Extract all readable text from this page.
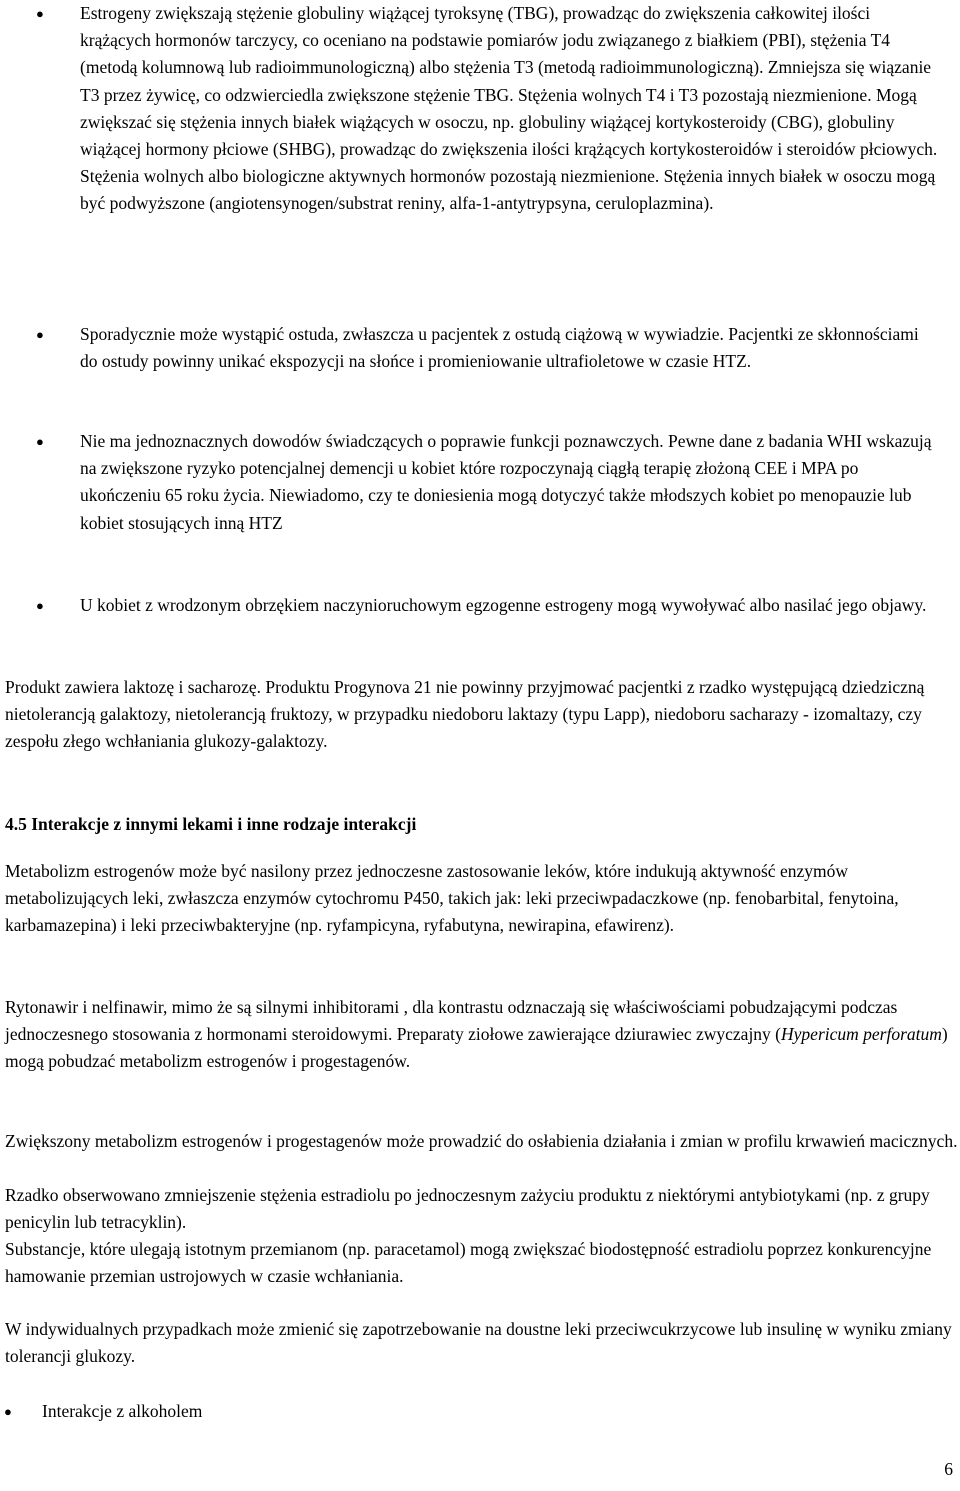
● Estrogeny zwiększają stężenie globuliny wiążącej tyroksynę (TBG), prowadząc do zwiększenia całkowitej ilości krążących hormonów tarczycy, co oceniano na podstawie pomiarów jodu związanego z białkiem (PBI), stężenia T4 (metodą kolumnową lub radioimmunologiczną) albo stężenia T3 (metodą radioimmunologiczną). Zmniejsza się wiązanie T3 przez żywicę, co odzwierciedla zwiększone stężenie TBG. Stężenia wolnych T4 i T3 pozostają niezmienione. Mogą zwiększać się stężenia innych białek wiążących w osoczu, np. globuliny wiążącej kortykosteroidy (CBG), globuliny wiążącej hormony płciowe (SHBG), prowadząc do zwiększenia ilości krążących kortykosteroidów i steroidów płciowych. Stężenia wolnych albo biologiczne aktywnych hormonów pozostają niezmienione. Stężenia innych białek w osoczu mogą być podwyższone (angiotensynogen/substrat reniny, alfa-1-antytrypsyna, ceruloplazmina).

● Sporadycznie może wystąpić ostuda, zwłaszcza u pacjentek z ostudą ciążową w wywiadzie. Pacjentki ze skłonnościami do ostudy powinny unikać ekspozycji na słońce i promieniowanie ultrafioletowe w czasie HTZ.

● Nie ma jednoznacznych dowodów świadczących o poprawie funkcji poznawczych. Pewne dane z badania WHI wskazują na zwiększone ryzyko potencjalnej demencji u kobiet które rozpoczynają ciągłą terapię złożoną CEE i MPA po ukończeniu 65 roku życia. Niewiadomo, czy te doniesienia mogą dotyczyć także młodszych kobiet po menopauzie lub kobiet stosujących inną HTZ

● U kobiet z wrodzonym obrzękiem naczynioruchowym egzogenne estrogeny mogą wywoływać albo nasilać jego objawy.

Produkt zawiera laktozę i sacharozę. Produktu Progynova 21 nie powinny przyjmować pacjentki z rzadko występującą dziedziczną nietolerancją galaktozy, nietolerancją fruktozy, w przypadku niedoboru laktazy (typu Lapp), niedoboru sacharazy - izomaltazy, czy zespołu złego wchłaniania glukozy-galaktozy.

4.5 Interakcje z innymi lekami i inne rodzaje interakcji

Metabolizm estrogenów może być nasilony przez jednoczesne zastosowanie leków, które indukują aktywność enzymów metabolizujących leki, zwłaszcza enzymów cytochromu P450, takich jak: leki przeciwpadaczkowe (np. fenobarbital, fenytoina, karbamazepina) i leki przeciwbakteryjne (np. ryfampicyna, ryfabutyna, newirapina, efawirenz).

Rytonawir i nelfinawir, mimo że są silnymi inhibitorami , dla kontrastu odznaczają się właściwościami pobudzającymi podczas jednoczesnego stosowania z hormonami steroidowymi. Preparaty ziołowe zawierające dziurawiec zwyczajny (Hypericum perforatum) mogą pobudzać metabolizm estrogenów i progestagenów.

Zwiększony metabolizm estrogenów i progestagenów może prowadzić do osłabienia działania i zmian w profilu krwawień macicznych.

Rzadko obserwowano zmniejszenie stężenia estradiolu po jednoczesnym zażyciu produktu z niektórymi antybiotykami (np. z grupy penicylin lub tetracyklin).

Substancje, które ulegają istotnym przemianom (np. paracetamol) mogą zwiększać biodostępność estradiolu poprzez konkurencyjne hamowanie przemian ustrojowych w czasie wchłaniania.

W indywidualnych przypadkach może zmienić się zapotrzebowanie na doustne leki przeciwcukrzycowe lub insulinę w wyniku zmiany tolerancji glukozy.

● Interakcje z alkoholem
6
